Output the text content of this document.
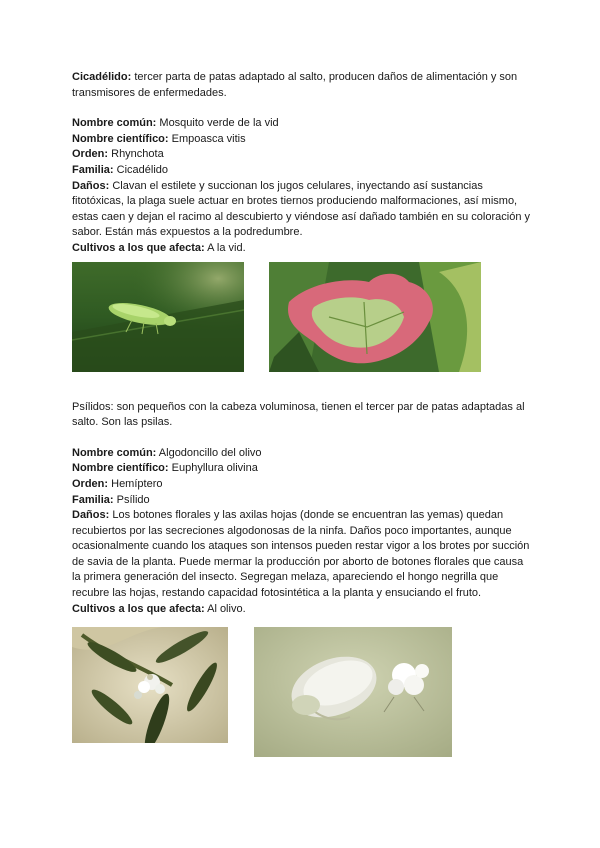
Cicadélido: tercer parta de patas adaptado al salto, producen daños de alimentación y son transmisores de enfermedades.

Nombre común: Mosquito verde de la vid

Nombre científico: Empoasca vitis

Orden: Rhynchota

Familia: Cicadélido

Daños: Clavan el estilete y succionan los jugos celulares, inyectando así sustancias fitotóxicas, la plaga suele actuar en brotes tiernos produciendo malformaciones, así mismo, estas caen y dejan el racimo al descubierto y viéndose así dañado también en su coloración y sabor. Están más expuestos a la podredumbre.

Cultivos a los que afecta: A la vid.

Psílidos: son pequeños con la cabeza voluminosa, tienen el tercer par de patas adaptadas al salto. Son las psilas.

Nombre común: Algodoncillo del olivo

Nombre científico: Euphyllura olivina

Orden: Hemíptero

Familia: Psílido

Daños: Los botones florales y las axilas hojas (donde se encuentran las yemas) quedan recubiertos por las secreciones algodonosas de la ninfa. Daños poco importantes, aunque ocasionalmente cuando los ataques son intensos pueden restar vigor a los brotes por succión de savia de la planta. Puede mermar la producción por aborto de botones florales que causa la primera generación del insecto. Segregan melaza, apareciendo el hongo negrilla que recubre las hojas, restando capacidad fotosintética a la planta y ensuciando el fruto.

Cultivos a los que afecta: Al olivo.
